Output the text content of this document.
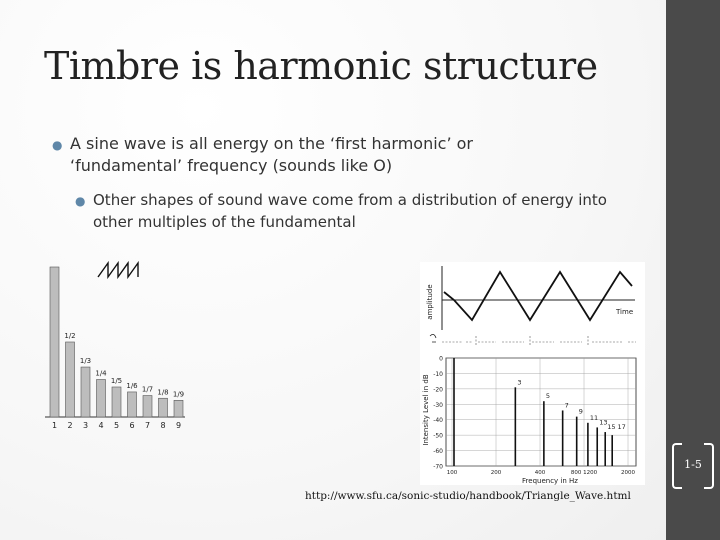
Timbre is harmonic structure
● A sine wave is all energy on the ‘first harmonic’ or ‘fundamental’ frequency (sounds like O)
● Other shapes of sound wave come from a distribution of energy into other multiples of the fundamental
1/2
1/3
1/4
1/5
1/6 1/7 1/8 1/9
1 2 3 4 5 6 7 8 9
amplitude	Time
Intensity Level in dB
Frequency in Hz
0
-10
-20
-30
-40
-50
-60
-70
100	200	400	800 1200	2000
3
5
7
9
11
13
15 17
http://www.sfu.ca/sonic-studio/handbook/Triangle_Wave.html
1-5
